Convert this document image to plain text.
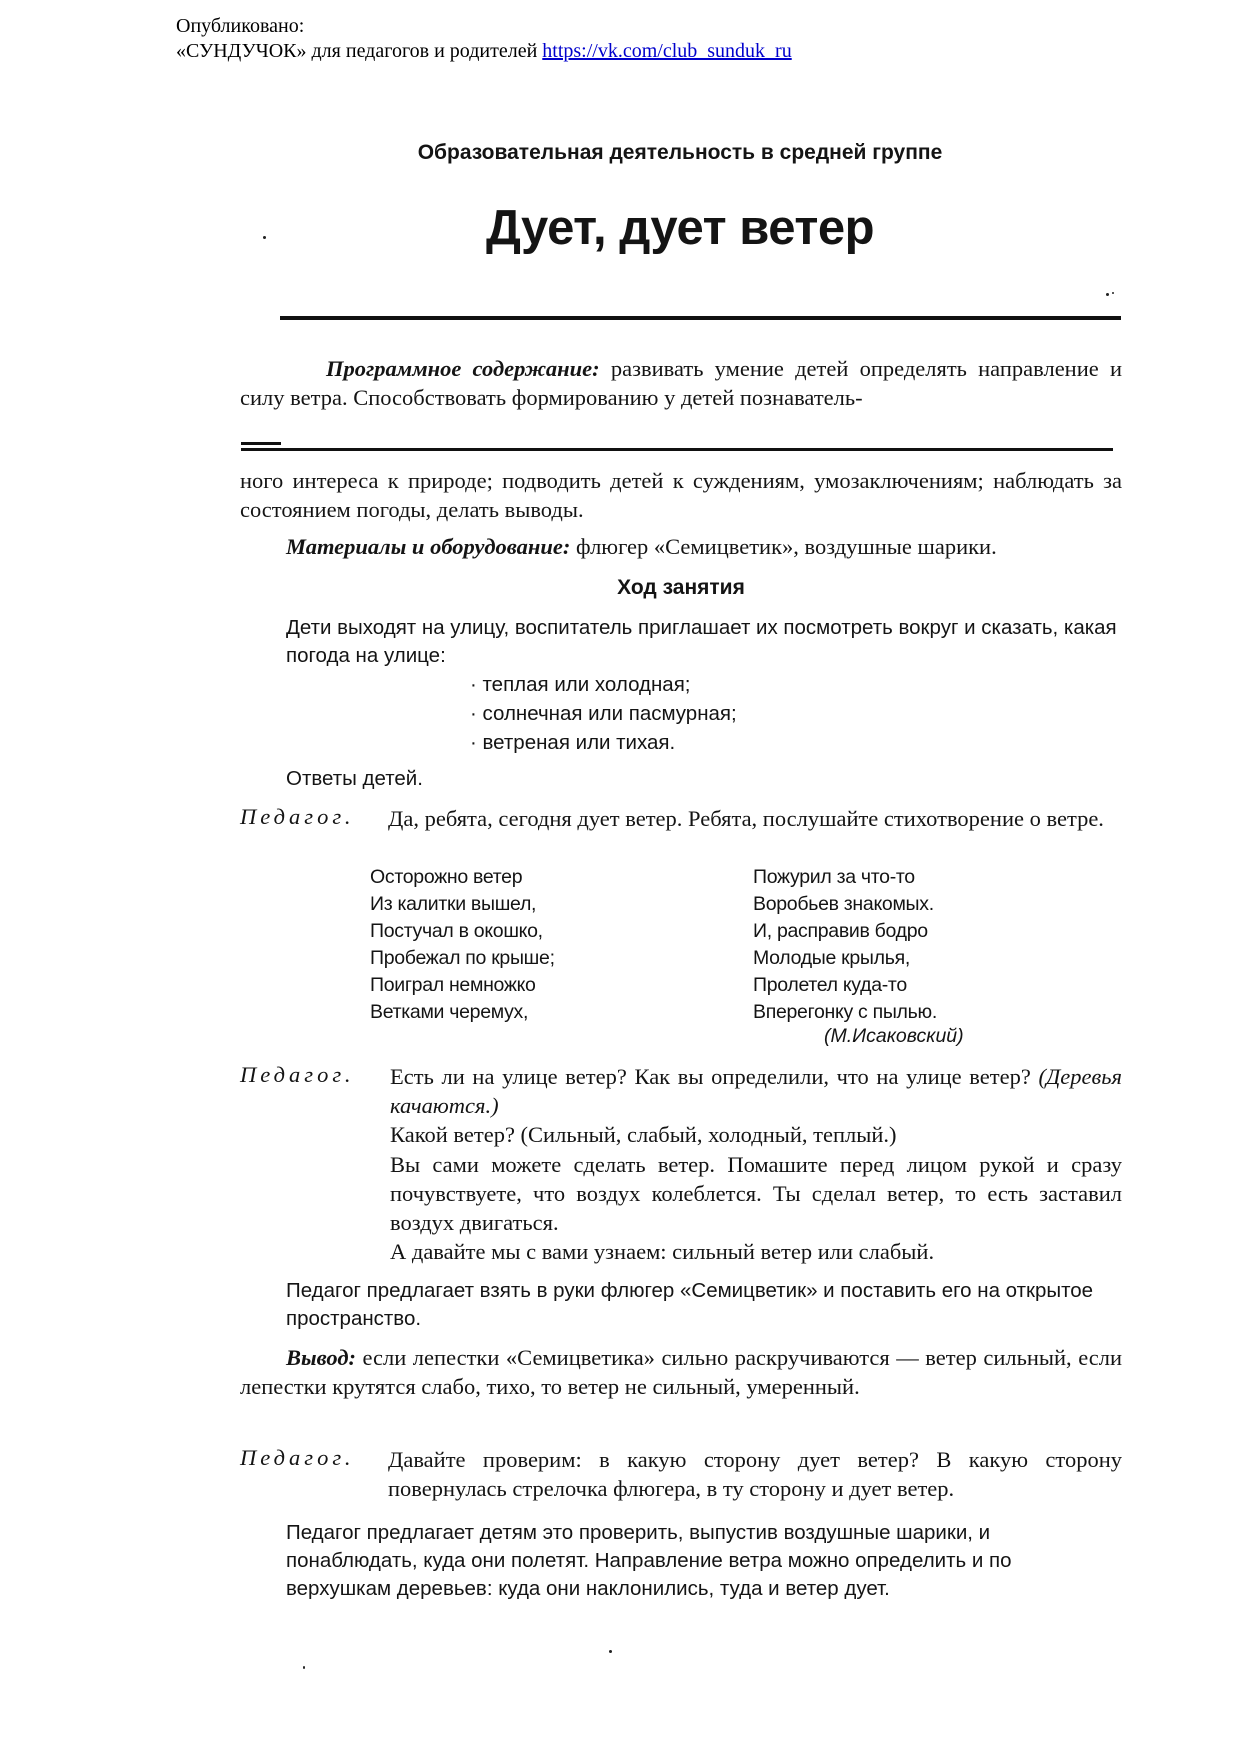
Опубликовано:
«СУНДУЧОК» для педагогов и родителей https://vk.com/club_sunduk_ru
Образовательная деятельность в средней группе
Дует, дует ветер
Программное содержание: развивать умение детей определять направление и силу ветра. Способствовать формированию у детей познаватель-
ного интереса к природе; подводить детей к суждениям, умозаключениям; наблюдать за состоянием погоды, делать выводы.
Материалы и оборудование: флюгер «Семицветик», воздушные шарики.
Ход занятия
Дети выходят на улицу, воспитатель приглашает их посмотреть вокруг и сказать, какая погода на улице:
· теплая или холодная;
· солнечная или пасмурная;
· ветреная или тихая.
Ответы детей.
Педагог. Да, ребята, сегодня дует ветер. Ребята, послушайте стихотворение о ветре.
Осторожно ветер
Из калитки вышел,
Постучал в окошко,
Пробежал по крыше;
Поиграл немножко
Ветками черемух,
Пожурил за что-то
Воробьев знакомых.
И, расправив бодро
Молодые крылья,
Пролетел куда-то
Вперегонку с пылью.
(М.Исаковский)
Педагог. Есть ли на улице ветер? Как вы определили, что на улице ветер? (Деревья качаются.)
Какой ветер? (Сильный, слабый, холодный, теплый.)
Вы сами можете сделать ветер. Помашите перед лицом рукой и сразу почувствуете, что воздух колеблется. Ты сделал ветер, то есть заставил воздух двигаться.
А давайте мы с вами узнаем: сильный ветер или слабый.
Педагог предлагает взять в руки флюгер «Семицветик» и поставить его на открытое пространство.
Вывод: если лепестки «Семицветика» сильно раскручиваются — ветер сильный, если лепестки крутятся слабо, тихо, то ветер не сильный, умеренный.
Педагог. Давайте проверим: в какую сторону дует ветер? В какую сторону повернулась стрелочка флюгера, в ту сторону и дует ветер.
Педагог предлагает детям это проверить, выпустив воздушные шарики, и понаблюдать, куда они полетят. Направление ветра можно определить и по верхушкам деревьев: куда они наклонились, туда и ветер дует.
